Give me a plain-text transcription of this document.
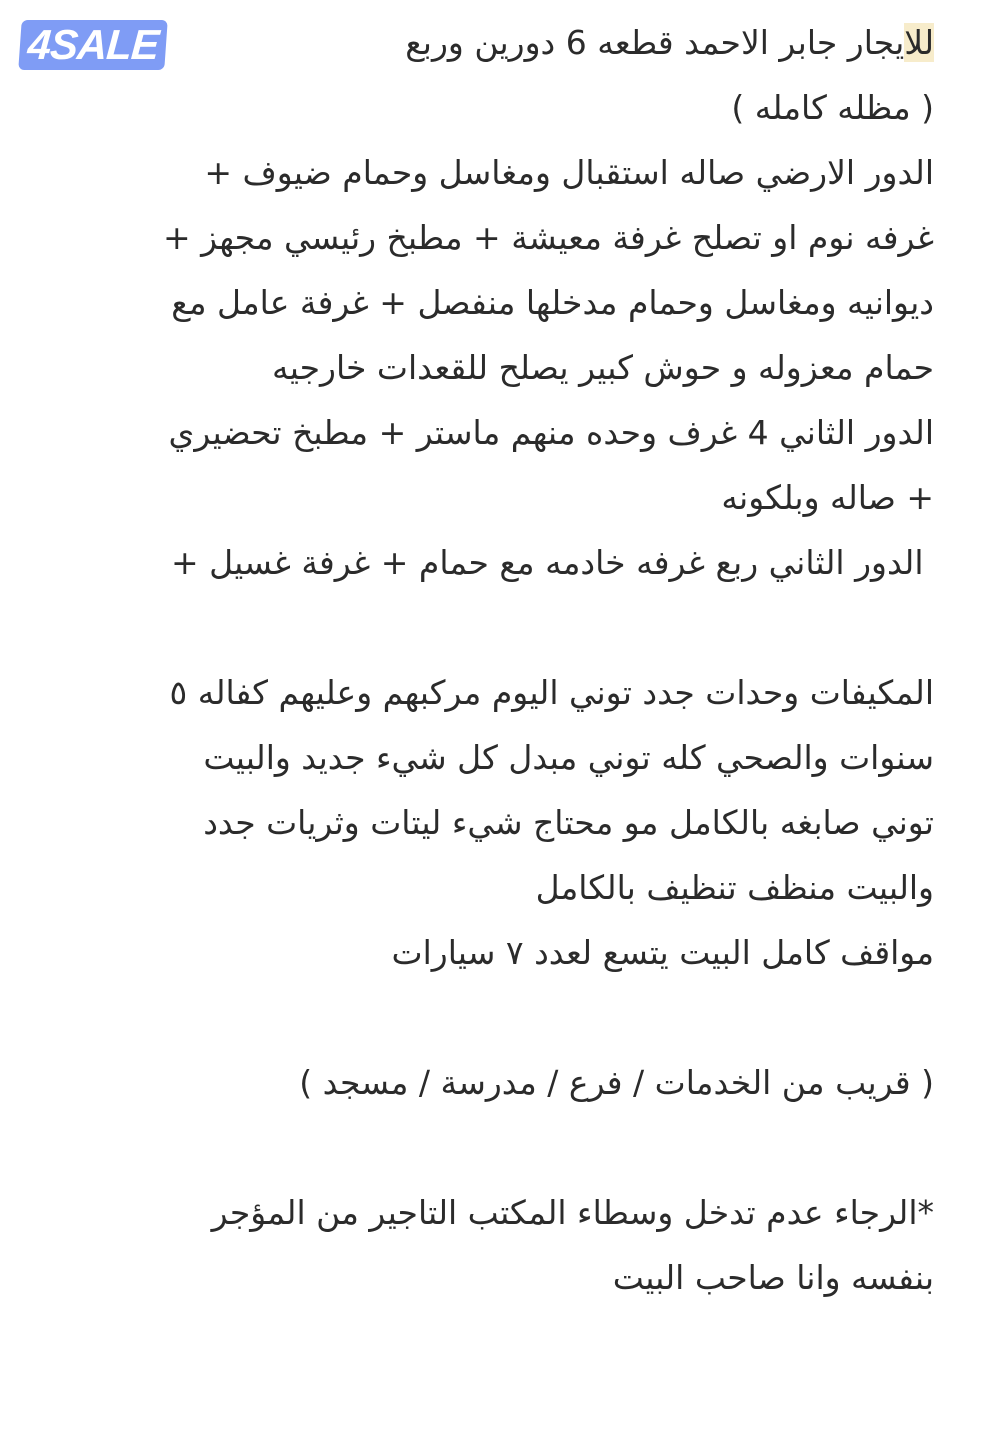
4SALE	للايجار جابر الاحمد قطعه 6 دورين وربع
( مظله كامله )
الدور الارضي صاله استقبال ومغاسل وحمام ضيوف +
غرفه نوم او تصلح غرفة معيشة + مطبخ رئيسي مجهز +
ديوانيه ومغاسل وحمام مدخلها منفصل + غرفة عامل مع
حمام معزوله و حوش كبير يصلح للقعدات خارجيه
الدور الثاني 4 غرف وحده منهم ماستر + مطبخ تحضيري
+ صاله وبلكونه
الدور الثاني ربع غرفه خادمه مع حمام + غرفة غسيل +
المكيفات وحدات جدد توني اليوم مركبهم وعليهم كفاله ٥
سنوات والصحي كله توني مبدل كل شيء جديد والبيت
توني صابغه بالكامل مو محتاج شيء ليتات وثريات جدد
والبيت منظف تنظيف بالكامل
مواقف كامل البيت يتسع لعدد ٧ سيارات
( قريب من الخدمات / فرع / مدرسة / مسجد )
*الرجاء عدم تدخل وسطاء المكتب التاجير من المؤجر
بنفسه وانا صاحب البيت
